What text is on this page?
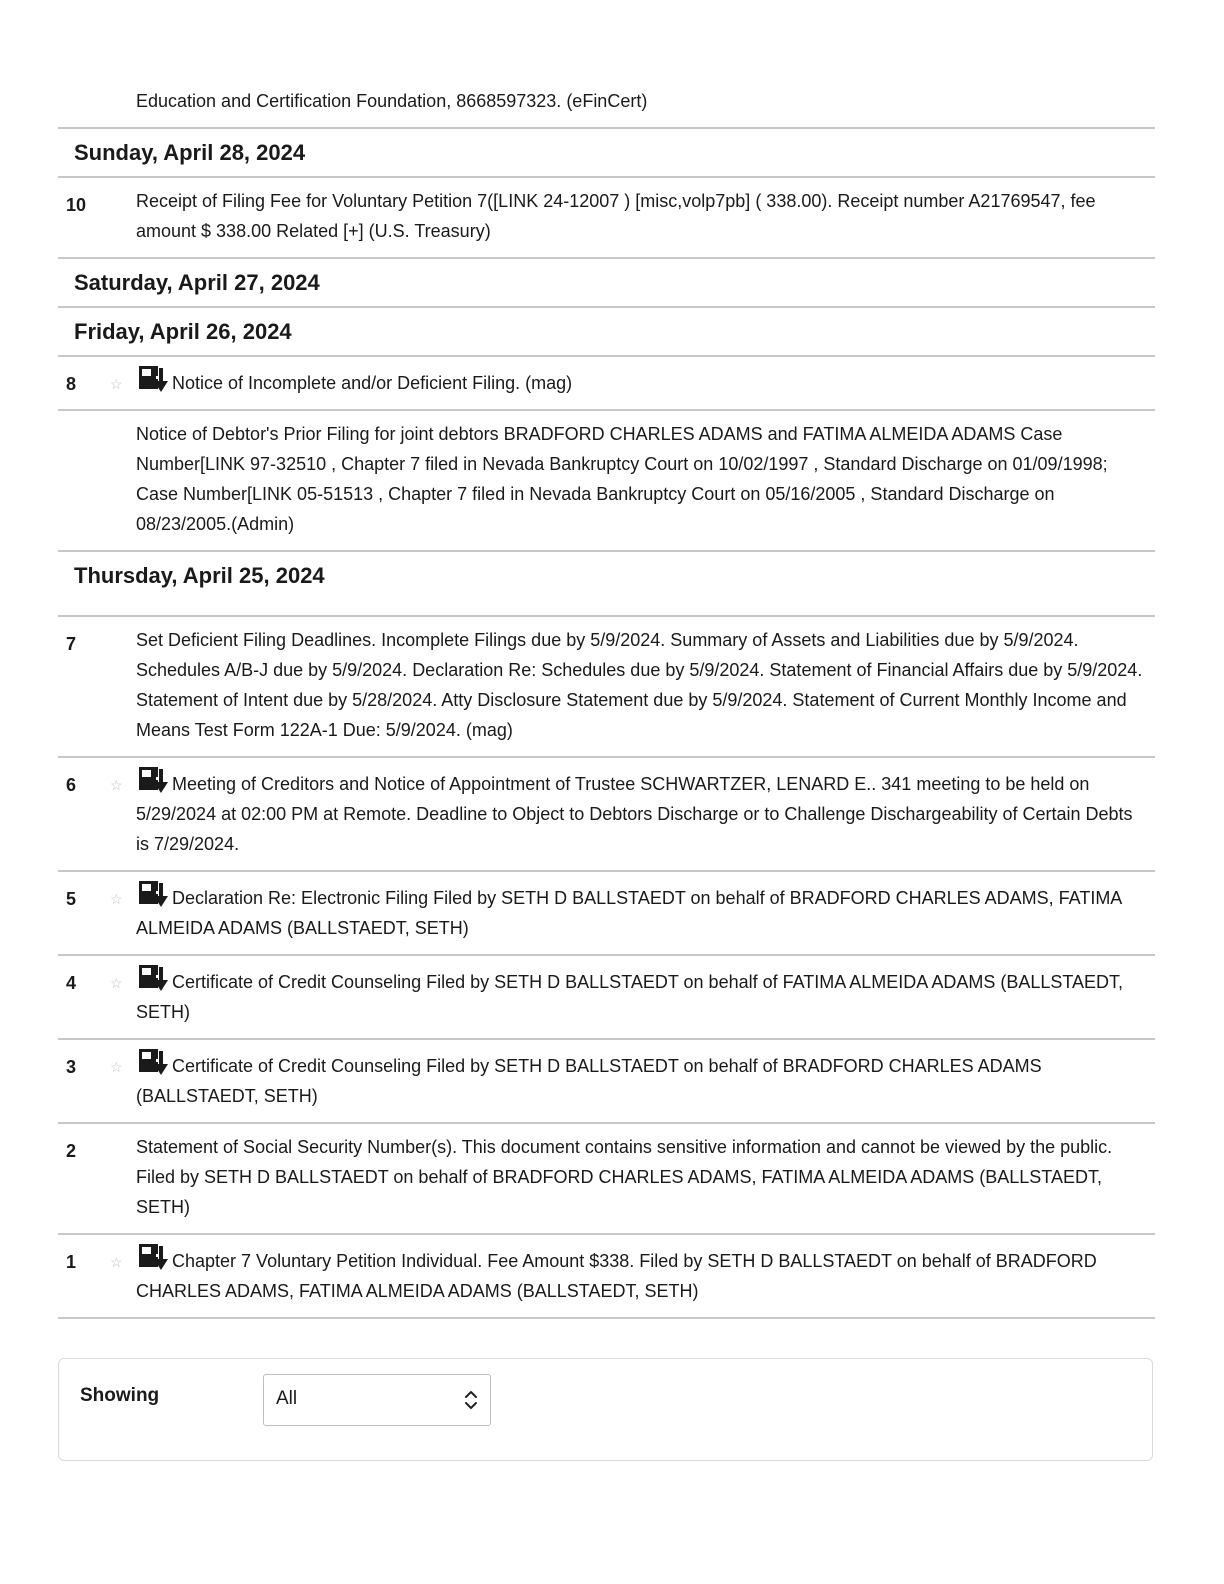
Education and Certification Foundation, 8668597323. (eFinCert)
Sunday, April 28, 2024
10	Receipt of Filing Fee for Voluntary Petition 7([LINK 24-12007 ) [misc,volp7pb] ( 338.00). Receipt number A21769547, fee amount $ 338.00 Related [+] (U.S. Treasury)
Saturday, April 27, 2024
Friday, April 26, 2024
8 ☆	Notice of Incomplete and/or Deficient Filing. (mag)
Notice of Debtor's Prior Filing for joint debtors BRADFORD CHARLES ADAMS and FATIMA ALMEIDA ADAMS Case Number[LINK 97-32510 , Chapter 7 filed in Nevada Bankruptcy Court on 10/02/1997 , Standard Discharge on 01/09/1998; Case Number[LINK 05-51513 , Chapter 7 filed in Nevada Bankruptcy Court on 05/16/2005 , Standard Discharge on 08/23/2005.(Admin)
Thursday, April 25, 2024
7	Set Deficient Filing Deadlines. Incomplete Filings due by 5/9/2024. Summary of Assets and Liabilities due by 5/9/2024. Schedules A/B-J due by 5/9/2024. Declaration Re: Schedules due by 5/9/2024. Statement of Financial Affairs due by 5/9/2024. Statement of Intent due by 5/28/2024. Atty Disclosure Statement due by 5/9/2024. Statement of Current Monthly Income and Means Test Form 122A-1 Due: 5/9/2024. (mag)
6 ☆	Meeting of Creditors and Notice of Appointment of Trustee SCHWARTZER, LENARD E.. 341 meeting to be held on 5/29/2024 at 02:00 PM at Remote. Deadline to Object to Debtors Discharge or to Challenge Dischargeability of Certain Debts is 7/29/2024.
5 ☆	Declaration Re: Electronic Filing Filed by SETH D BALLSTAEDT on behalf of BRADFORD CHARLES ADAMS, FATIMA ALMEIDA ADAMS (BALLSTAEDT, SETH)
4 ☆	Certificate of Credit Counseling Filed by SETH D BALLSTAEDT on behalf of FATIMA ALMEIDA ADAMS (BALLSTAEDT, SETH)
3 ☆	Certificate of Credit Counseling Filed by SETH D BALLSTAEDT on behalf of BRADFORD CHARLES ADAMS (BALLSTAEDT, SETH)
2	Statement of Social Security Number(s). This document contains sensitive information and cannot be viewed by the public. Filed by SETH D BALLSTAEDT on behalf of BRADFORD CHARLES ADAMS, FATIMA ALMEIDA ADAMS (BALLSTAEDT, SETH)
1 ☆	Chapter 7 Voluntary Petition Individual. Fee Amount $338. Filed by SETH D BALLSTAEDT on behalf of BRADFORD CHARLES ADAMS, FATIMA ALMEIDA ADAMS (BALLSTAEDT, SETH)
Showing	All
